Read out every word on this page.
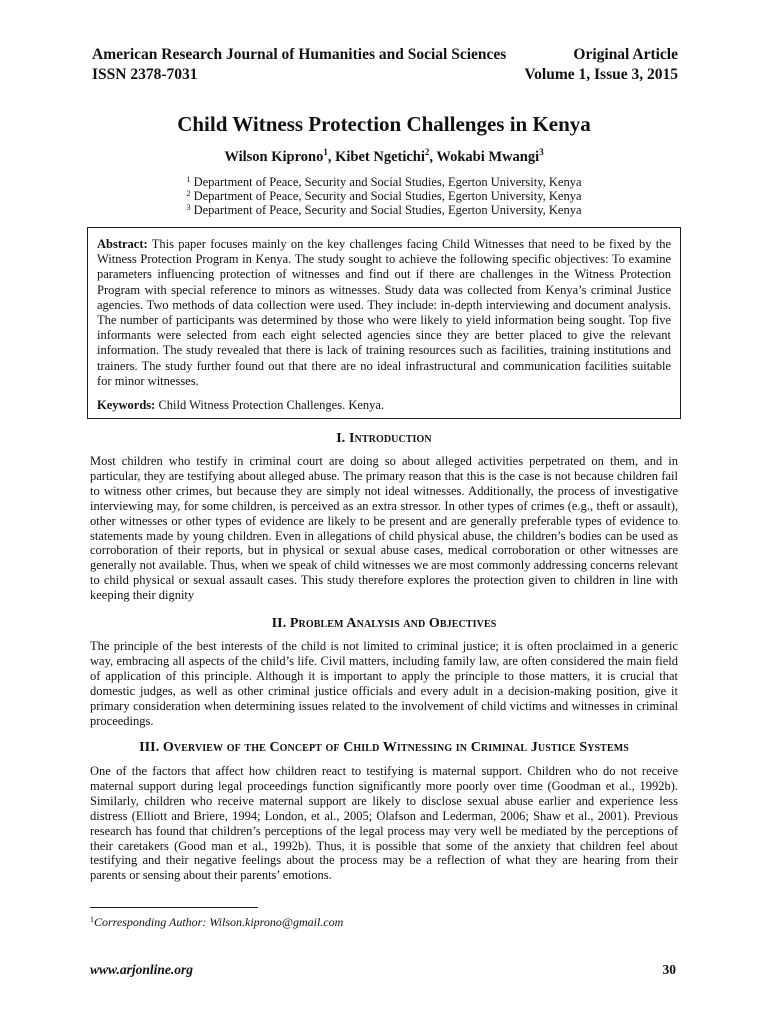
American Research Journal of Humanities and Social Sciences	Original Article
ISSN 2378-7031	Volume 1, Issue 3, 2015
Child Witness Protection Challenges in Kenya
Wilson Kiprono$^1$, Kibet Ngetichi$^2$, Wokabi Mwangi$^3$
$^1$ Department of Peace, Security and Social Studies, Egerton University, Kenya
$^2$ Department of Peace, Security and Social Studies, Egerton University, Kenya
$^3$ Department of Peace, Security and Social Studies, Egerton University, Kenya

Abstract: This paper focuses mainly on the key challenges facing Child Witnesses that need to be fixed by the Witness Protection Program in Kenya. The study sought to achieve the following specific objectives: To examine parameters influencing protection of witnesses and find out if there are challenges in the Witness Protection Program with special reference to minors as witnesses. Study data was collected from Kenya’s criminal Justice agencies. Two methods of data collection were used. They include: in-depth interviewing and document analysis. The number of participants was determined by those who were likely to yield information being sought. Top five informants were selected from each eight selected agencies since they are better placed to give the relevant information. The study revealed that there is lack of training resources such as facilities, training institutions and trainers. The study further found out that there are no ideal infrastructural and communication facilities suitable for minor witnesses.

Keywords: Child Witness Protection Challenges. Kenya.

I. Introduction

Most children who testify in criminal court are doing so about alleged activities perpetrated on them, and in particular, they are testifying about alleged abuse. The primary reason that this is the case is not because children fail to witness other crimes, but because they are simply not ideal witnesses. Additionally, the process of investigative interviewing may, for some children, is perceived as an extra stressor. In other types of crimes (e.g., theft or assault), other witnesses or other types of evidence are likely to be present and are generally preferable types of evidence to statements made by young children. Even in allegations of child physical abuse, the children’s bodies can be used as corroboration of their reports, but in physical or sexual abuse cases, medical corroboration or other witnesses are generally not available. Thus, when we speak of child witnesses we are most commonly addressing concerns relevant to child physical or sexual assault cases. This study therefore explores the protection given to children in line with keeping their dignity

II. Problem Analysis and Objectives

The principle of the best interests of the child is not limited to criminal justice; it is often proclaimed in a generic way, embracing all aspects of the child’s life. Civil matters, including family law, are often considered the main field of application of this principle. Although it is important to apply the principle to those matters, it is crucial that domestic judges, as well as other criminal justice officials and every adult in a decision-making position, give it primary consideration when determining issues related to the involvement of child victims and witnesses in criminal proceedings.

III. Overview of the Concept of Child Witnessing in Criminal Justice Systems

One of the factors that affect how children react to testifying is maternal support. Children who do not receive maternal support during legal proceedings function significantly more poorly over time (Goodman et al., 1992b). Similarly, children who receive maternal support are likely to disclose sexual abuse earlier and experience less distress (Elliott and Briere, 1994; London, et al., 2005; Olafson and Lederman, 2006; Shaw et al., 2001). Previous research has found that children’s perceptions of the legal process may very well be mediated by the perceptions of their caretakers (Good man et al., 1992b). Thus, it is possible that some of the anxiety that children feel about testifying and their negative feelings about the process may be a reflection of what they are hearing from their parents or sensing about their parents’ emotions.

$^1$Corresponding Author: Wilson.kiprono@gmail.com
www.arjonline.org	30
